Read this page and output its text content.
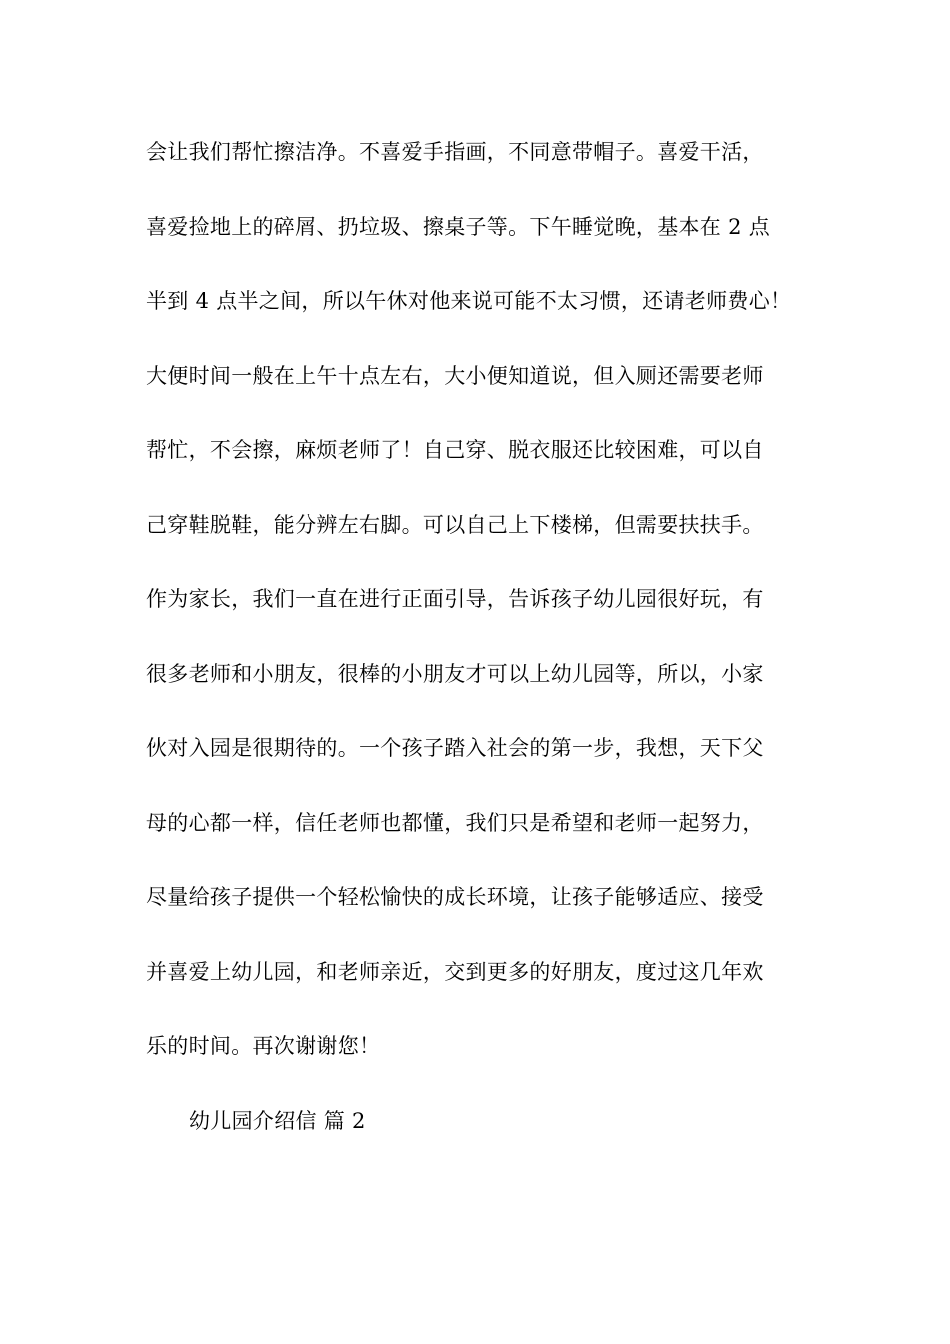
会让我们帮忙擦洁净。不喜爱手指画，不同意带帽子。喜爱干活，
喜爱捡地上的碎屑、扔垃圾、擦桌子等。下午睡觉晚，基本在 2 点
半到 4 点半之间，所以午休对他来说可能不太习惯，还请老师费心！
大便时间一般在上午十点左右，大小便知道说，但入厕还需要老师
帮忙，不会擦，麻烦老师了！自己穿、脱衣服还比较困难，可以自
己穿鞋脱鞋，能分辨左右脚。可以自己上下楼梯，但需要扶扶手。
作为家长，我们一直在进行正面引导，告诉孩子幼儿园很好玩，有
很多老师和小朋友，很棒的小朋友才可以上幼儿园等，所以，小家
伙对入园是很期待的。一个孩子踏入社会的第一步，我想，天下父
母的心都一样，信任老师也都懂，我们只是希望和老师一起努力，
尽量给孩子提供一个轻松愉快的成长环境，让孩子能够适应、接受
并喜爱上幼儿园，和老师亲近，交到更多的好朋友，度过这几年欢
乐的时间。再次谢谢您！
幼儿园介绍信 篇 2
